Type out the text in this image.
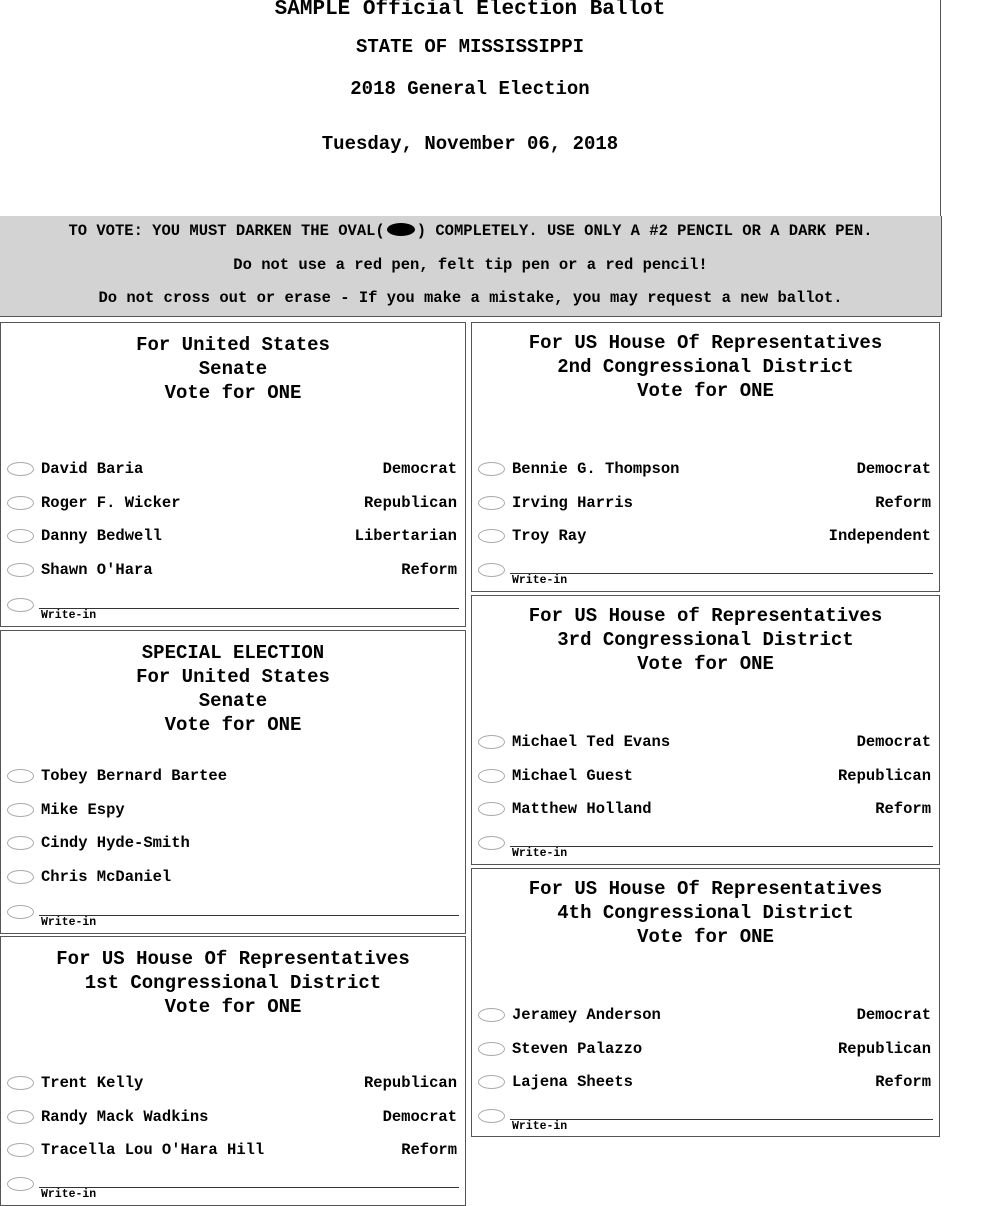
SAMPLE Official Election Ballot
STATE OF MISSISSIPPI
2018 General Election
Tuesday, November 06, 2018
TO VOTE: YOU MUST DARKEN THE OVAL( ) COMPLETELY. USE ONLY A #2 PENCIL OR A DARK PEN.
Do not use a red pen, felt tip pen or a red pencil!
Do not cross out or erase - If you make a mistake, you may request a new ballot.
For United States
Senate
Vote for ONE
David Baria	Democrat
Roger F. Wicker	Republican
Danny Bedwell	Libertarian
Shawn O'Hara	Reform
Write-in
SPECIAL ELECTION
For United States
Senate
Vote for ONE
Tobey Bernard Bartee
Mike Espy
Cindy Hyde-Smith
Chris McDaniel
Write-in
For US House Of Representatives
1st Congressional District
Vote for ONE
Trent Kelly	Republican
Randy Mack Wadkins	Democrat
Tracella Lou O'Hara Hill	Reform
Write-in
For US House Of Representatives
2nd Congressional District
Vote for ONE
Bennie G. Thompson	Democrat
Irving Harris	Reform
Troy Ray	Independent
Write-in
For US House of Representatives
3rd Congressional District
Vote for ONE
Michael Ted Evans	Democrat
Michael Guest	Republican
Matthew Holland	Reform
Write-in
For US House Of Representatives
4th Congressional District
Vote for ONE
Jeramey Anderson	Democrat
Steven Palazzo	Republican
Lajena Sheets	Reform
Write-in
